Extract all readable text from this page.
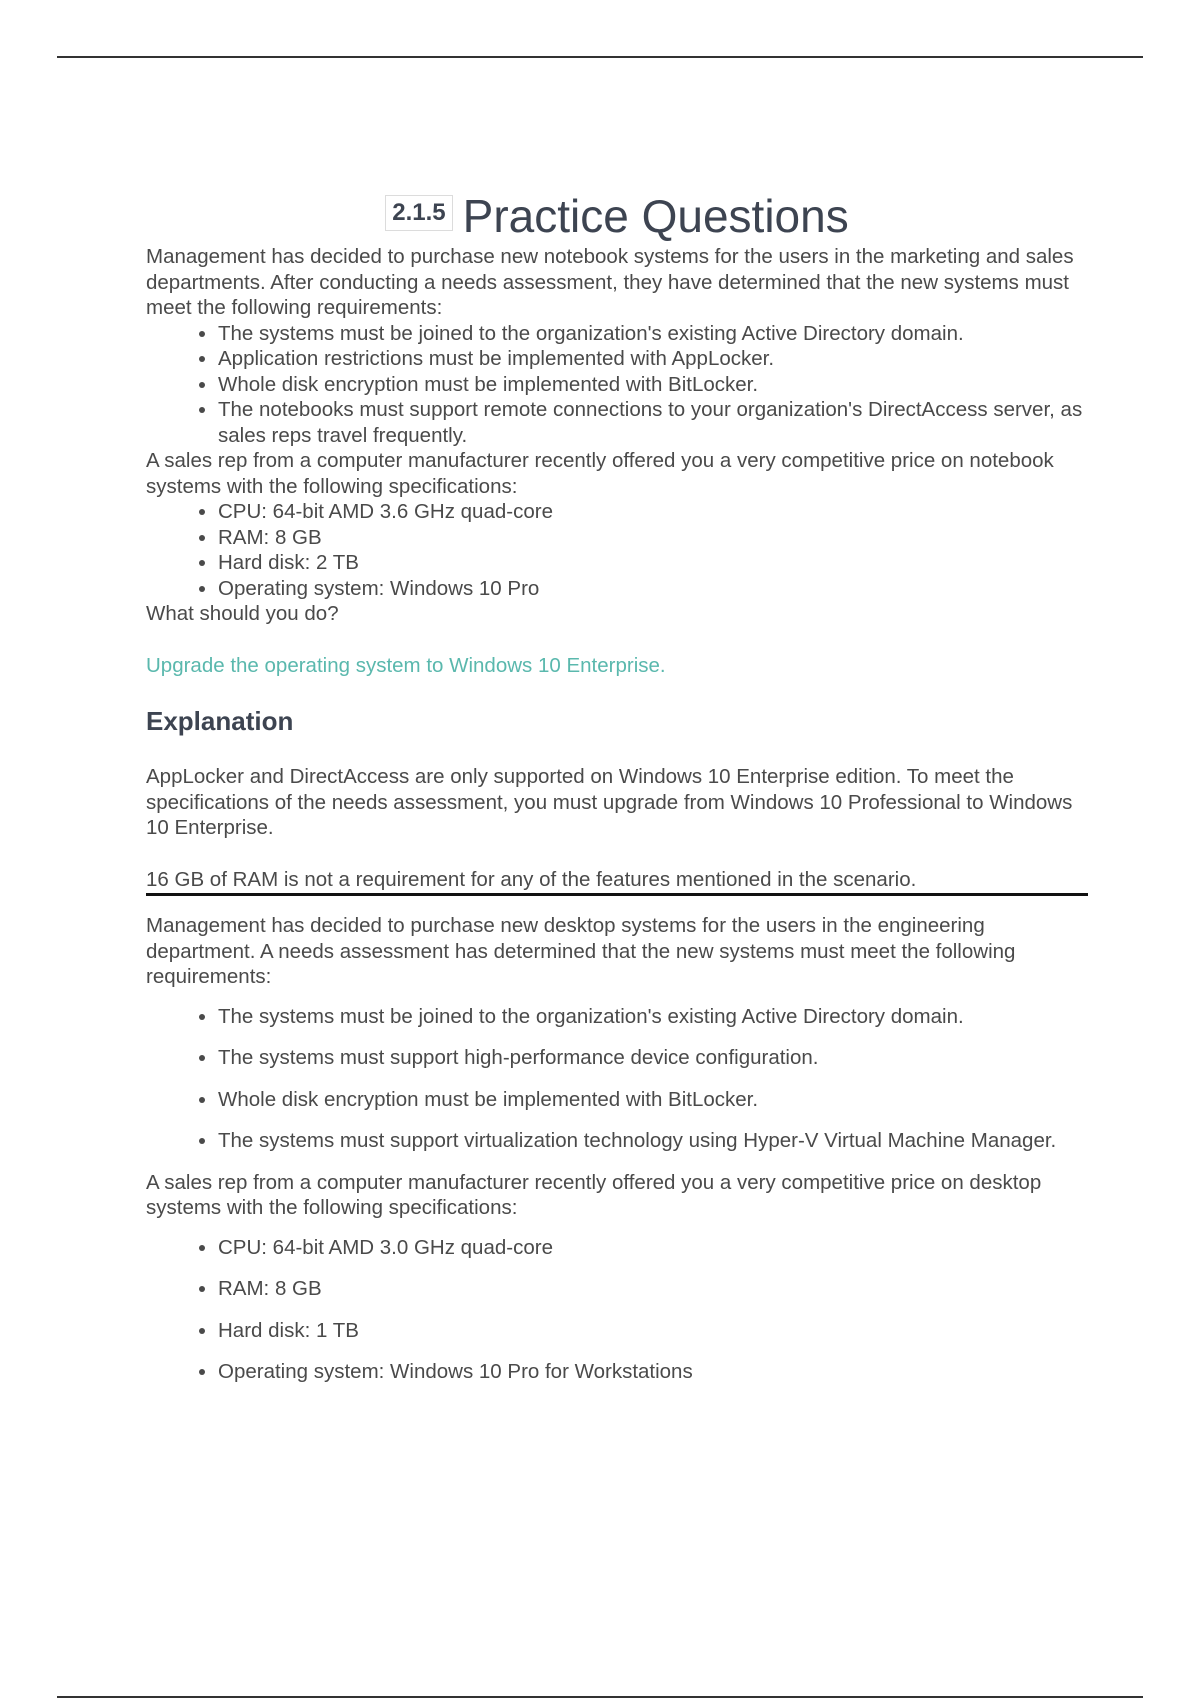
2.1.5 Practice Questions

Management has decided to purchase new notebook systems for the users in the marketing and sales departments. After conducting a needs assessment, they have determined that the new systems must meet the following requirements:

• The systems must be joined to the organization's existing Active Directory domain.
• Application restrictions must be implemented with AppLocker.
• Whole disk encryption must be implemented with BitLocker.
• The notebooks must support remote connections to your organization's DirectAccess server, as sales reps travel frequently.

A sales rep from a computer manufacturer recently offered you a very competitive price on notebook systems with the following specifications:

• CPU: 64-bit AMD 3.6 GHz quad-core
• RAM: 8 GB
• Hard disk: 2 TB
• Operating system: Windows 10 Pro

What should you do?

Upgrade the operating system to Windows 10 Enterprise.

Explanation

AppLocker and DirectAccess are only supported on Windows 10 Enterprise edition. To meet the specifications of the needs assessment, you must upgrade from Windows 10 Professional to Windows 10 Enterprise.

16 GB of RAM is not a requirement for any of the features mentioned in the scenario.

Management has decided to purchase new desktop systems for the users in the engineering department. A needs assessment has determined that the new systems must meet the following requirements:

• The systems must be joined to the organization's existing Active Directory domain.
• The systems must support high-performance device configuration.
• Whole disk encryption must be implemented with BitLocker.
• The systems must support virtualization technology using Hyper-V Virtual Machine Manager.

A sales rep from a computer manufacturer recently offered you a very competitive price on desktop systems with the following specifications:

• CPU: 64-bit AMD 3.0 GHz quad-core
• RAM: 8 GB
• Hard disk: 1 TB
• Operating system: Windows 10 Pro for Workstations
